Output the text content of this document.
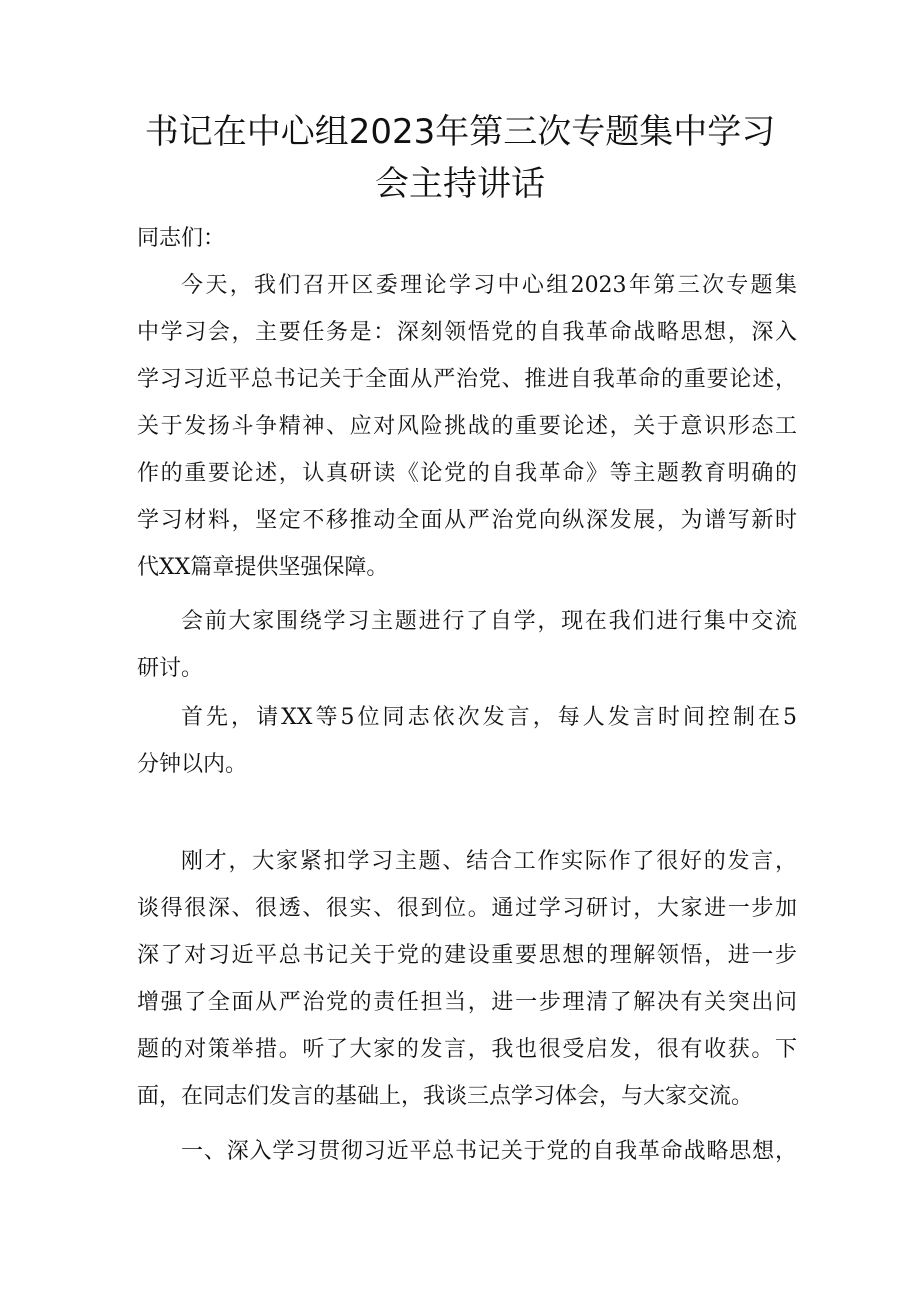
书记在中心组2023年第三次专题集中学习
会主持讲话

同志们：

今天，我们召开区委理论学习中心组2023年第三次专题集
中学习会，主要任务是：深刻领悟党的自我革命战略思想，深入
学习习近平总书记关于全面从严治党、推进自我革命的重要论述，
关于发扬斗争精神、应对风险挑战的重要论述，关于意识形态工
作的重要论述，认真研读《论党的自我革命》等主题教育明确的
学习材料，坚定不移推动全面从严治党向纵深发展，为谱写新时
代XX篇章提供坚强保障。
会前大家围绕学习主题进行了自学，现在我们进行集中交流
研讨。
首先，请XX等5位同志依次发言，每人发言时间控制在5
分钟以内。
刚才，大家紧扣学习主题、结合工作实际作了很好的发言，
谈得很深、很透、很实、很到位。通过学习研讨，大家进一步加
深了对习近平总书记关于党的建设重要思想的理解领悟，进一步
增强了全面从严治党的责任担当，进一步理清了解决有关突出问
题的对策举措。听了大家的发言，我也很受启发，很有收获。下
面，在同志们发言的基础上，我谈三点学习体会，与大家交流。
一、深入学习贯彻习近平总书记关于党的自我革命战略思想，
